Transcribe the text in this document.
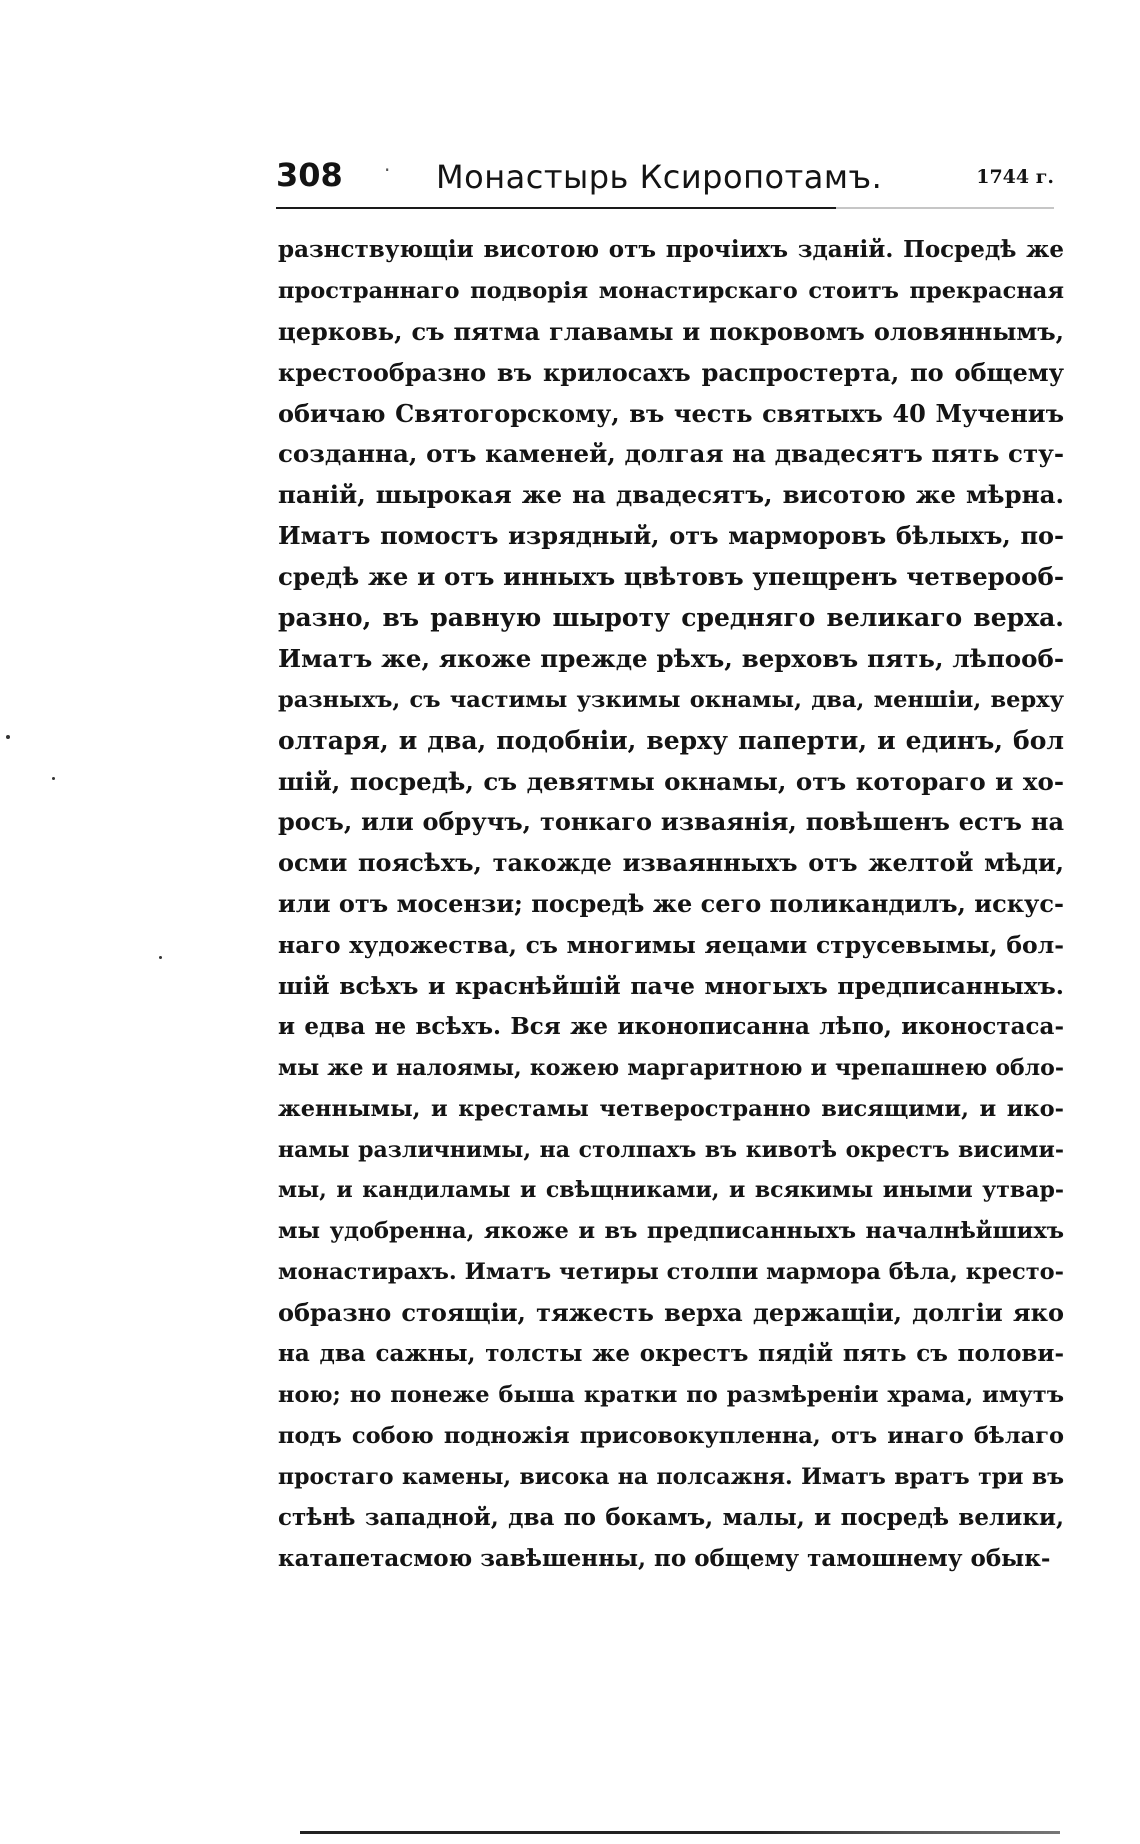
308 · Монастырь Ксиропотамъ.	1744 г.
разнствующіи висотою отъ прочіихъ зданій. Посредѣ же
пространнаго подворія монастирскаго стоитъ прекрасная
церковь, съ пятма главамы и покровомъ оловяннымъ,
крестообразно въ крилосахъ распростерта, по общему
обичаю Святогорскому, въ честь святыхъ 40 Мучениъ
созданна, отъ каменей, долгая на двадесятъ пять сту-
паній, шырокая же на двадесятъ, висотою же мѣрна.
Иматъ помостъ изрядный, отъ марморовъ бѣлыхъ, по-
средѣ же и отъ инныхъ цвѣтовъ упещренъ четверооб-
разно, въ равную шыроту средняго великаго верха.
Иматъ же, якоже прежде рѣхъ, верховъ пять, лѣпооб-
разныхъ, съ частимы узкимы окнамы, два, меншіи, верху
олтаря, и два, подобніи, верху паперти, и единъ, бол
шій, посредѣ, съ девятмы окнамы, отъ котораго и хо-
росъ, или обручъ, тонкаго изваянія, повѣшенъ естъ на
осми поясѣхъ, такожде изваянныхъ отъ желтой мѣди,
или отъ мосензи; посредѣ же сего поликандилъ, искус-
наго художества, съ многимы яецами струсевымы, бол-
шій всѣхъ и краснѣйшій паче многыхъ предписанныхъ.
и едва не всѣхъ. Вся же иконописанна лѣпо, иконостаса-
мы же и налоямы, кожею маргаритною и чрепашнею обло-
женнымы, и крестамы четвеространно висящими, и ико-
намы различнимы, на столпахъ въ кивотѣ окрестъ висими-
мы, и кандиламы и свѣщниками, и всякимы иными утвар-
мы удобренна, якоже и въ предписанныхъ началнѣйшихъ
монастирахъ. Иматъ четиры столпи мармора бѣла, кресто-
образно стоящіи, тяжесть верха держащіи, долгіи яко
на два сажны, толсты же окрестъ пядій пять съ полови-
ною; но понеже быша кратки по размѣреніи храма, имутъ
подъ собою подножія присовокупленна, отъ инаго бѣлаго
простаго камены, висока на полсажня. Иматъ вратъ три въ
стѣнѣ западной, два по бокамъ, малы, и посредѣ велики,
катапетасмою завѣшенны, по общему тамошнему обык-
